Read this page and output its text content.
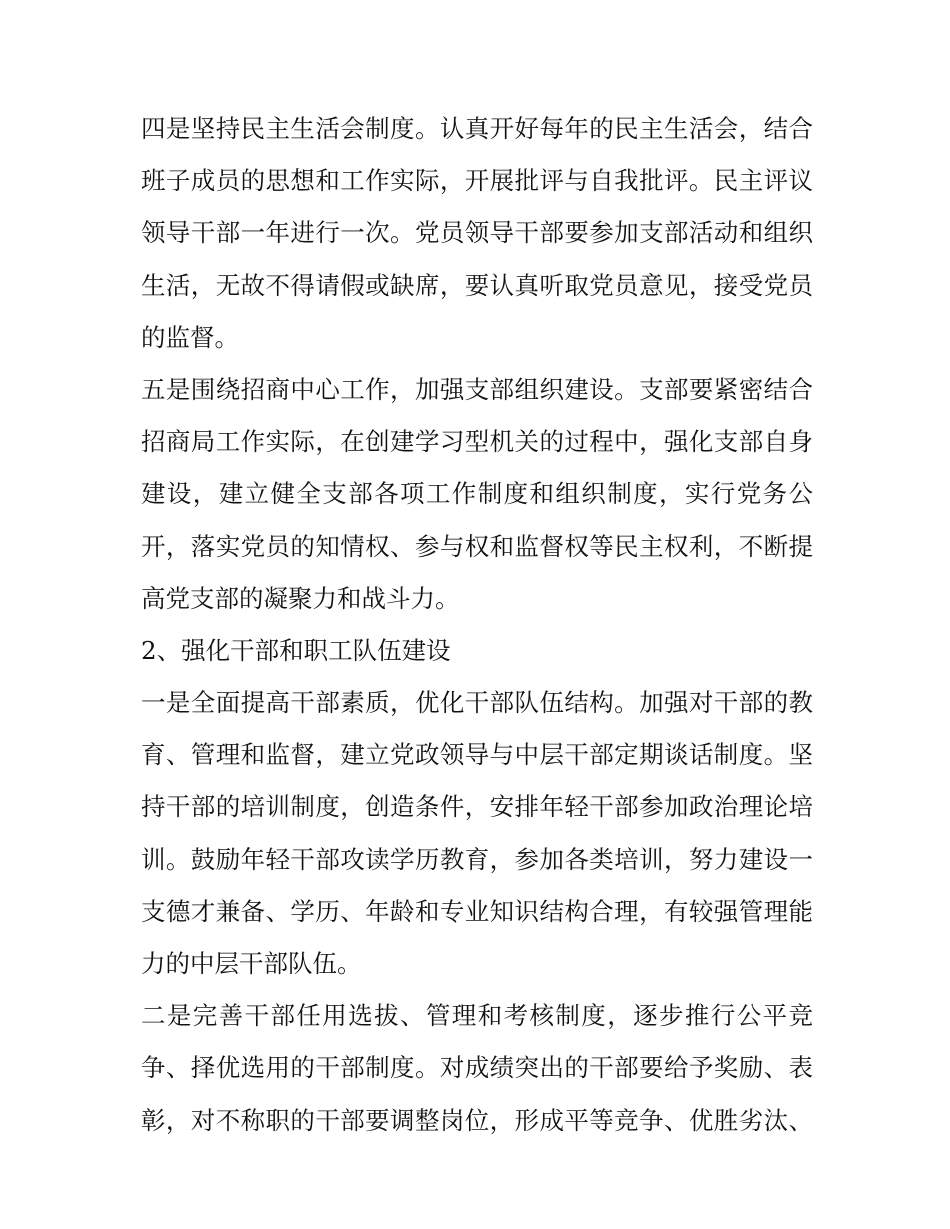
四是坚持民主生活会制度。认真开好每年的民主生活会，结合
班子成员的思想和工作实际，开展批评与自我批评。民主评议
领导干部一年进行一次。党员领导干部要参加支部活动和组织
生活，无故不得请假或缺席，要认真听取党员意见，接受党员
的监督。
五是围绕招商中心工作，加强支部组织建设。支部要紧密结合
招商局工作实际，在创建学习型机关的过程中，强化支部自身
建设，建立健全支部各项工作制度和组织制度，实行党务公
开，落实党员的知情权、参与权和监督权等民主权利，不断提
高党支部的凝聚力和战斗力。
2、强化干部和职工队伍建设
一是全面提高干部素质，优化干部队伍结构。加强对干部的教
育、管理和监督，建立党政领导与中层干部定期谈话制度。坚
持干部的培训制度，创造条件，安排年轻干部参加政治理论培
训。鼓励年轻干部攻读学历教育，参加各类培训，努力建设一
支德才兼备、学历、年龄和专业知识结构合理，有较强管理能
力的中层干部队伍。
二是完善干部任用选拔、管理和考核制度，逐步推行公平竞
争、择优选用的干部制度。对成绩突出的干部要给予奖励、表
彰，对不称职的干部要调整岗位，形成平等竞争、优胜劣汰、
